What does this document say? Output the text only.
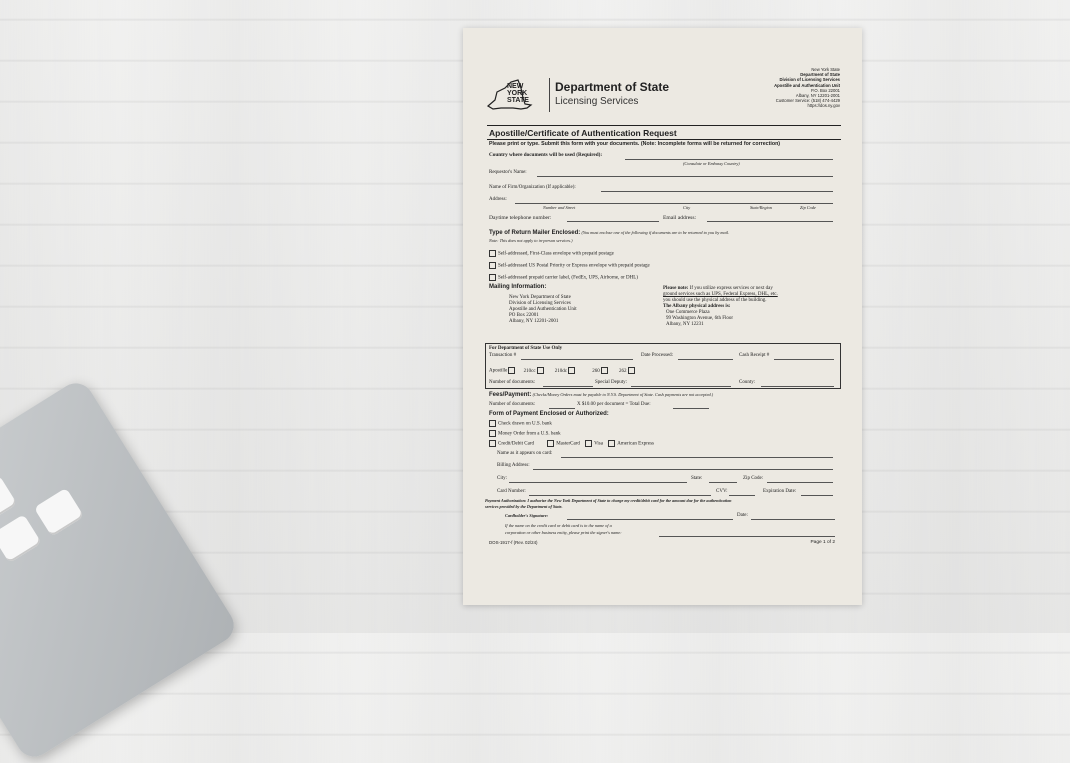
NEW
YORK
STATE
Department of State
Licensing Services
New York State
Department of State
Division of Licensing Services
Apostille and Authentication Unit
P.O. Box 22001
Albany, NY 12201-2001
Customer Service: (518) 474-4429
https://dos.ny.gov
Apostille/Certificate of Authentication Request
Please print or type. Submit this form with your documents. (Note: Incomplete forms will be returned for correction)
Country where documents will be used (Required):
(Consulate or Embassy Country)
Requestor's Name:
Name of Firm/Organization (If applicable):
Address:
Number and Street	City	State/Region	Zip Code
Daytime telephone number:	Email address:
Type of Return Mailer Enclosed: (You must enclose one of the following if documents are to be returned to you by mail.
Note: This does not apply to in-person services.)
Self-addressed, First-Class envelope with prepaid postage
Self-addressed US Postal Priority or Express envelope with prepaid postage
Self-addressed prepaid carrier label, (FedEx, UPS, Airborne, or DHL)
Mailing Information:
New York Department of State
Division of Licensing Services
Apostille and Authentication Unit
PO Box 22001
Albany, NY 12201-2001
Please note: If you utilize express services or next day
ground services such as UPS, Federal Express, DHL, etc.
you should use the physical address of the building.
The Albany physical address is:
One Commerce Plaza
99 Washington Avenue, 6th Floor
Albany, NY 12231
For Department of State Use Only
Transaction #	Date Processed:	Cash Receipt #
Apostille	210cc	210dc	260	262
Number of documents:	Special Deputy:	County:
Fees/Payment: (Checks/Money Orders must be payable to N.Y.S. Department of State. Cash payments are not accepted.)
Number of documents:	X $10.00 per document = Total Due:
Form of Payment Enclosed or Authorized:
Check drawn on U.S. bank
Money Order from a U.S. bank
Credit/Debit Card	MasterCard	Visa	American Express
Name as it appears on card:
Billing Address:
City:	State:	Zip Code:
Card Number:	CVV:	Expiration Date:
Payment Authorization: I authorize the New York Department of State to charge my credit/debit card for the amount due for the authentication
services provided by the Department of State.
Cardholder's Signature:	Date:
If the name on the credit card or debit card is in the name of a
corporation or other business entity, please print the signer's name:
DOS-1917-f (Rev. 02/24)	Page 1 of 2
